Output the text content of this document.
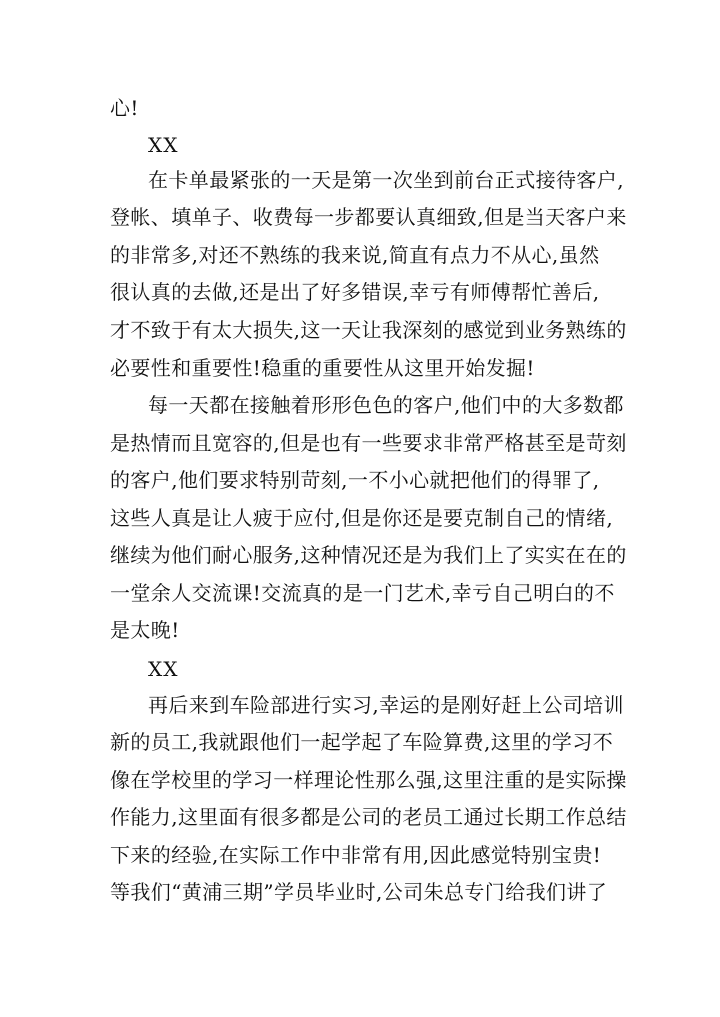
心!
XX
在卡单最紧张的一天是第一次坐到前台正式接待客户,
登帐、填单子、收费每一步都要认真细致,但是当天客户来
的非常多,对还不熟练的我来说,简直有点力不从心,虽然
很认真的去做,还是出了好多错误,幸亏有师傅帮忙善后,
才不致于有太大损失,这一天让我深刻的感觉到业务熟练的
必要性和重要性!稳重的重要性从这里开始发掘!
每一天都在接触着形形色色的客户,他们中的大多数都
是热情而且宽容的,但是也有一些要求非常严格甚至是苛刻
的客户,他们要求特别苛刻,一不小心就把他们的得罪了,
这些人真是让人疲于应付,但是你还是要克制自己的情绪,
继续为他们耐心服务,这种情况还是为我们上了实实在在的
一堂余人交流课!交流真的是一门艺术,幸亏自己明白的不
是太晚!
XX
再后来到车险部进行实习,幸运的是刚好赶上公司培训
新的员工,我就跟他们一起学起了车险算费,这里的学习不
像在学校里的学习一样理论性那么强,这里注重的是实际操
作能力,这里面有很多都是公司的老员工通过长期工作总结
下来的经验,在实际工作中非常有用,因此感觉特别宝贵!
等我们“黄浦三期”学员毕业时,公司朱总专门给我们讲了
